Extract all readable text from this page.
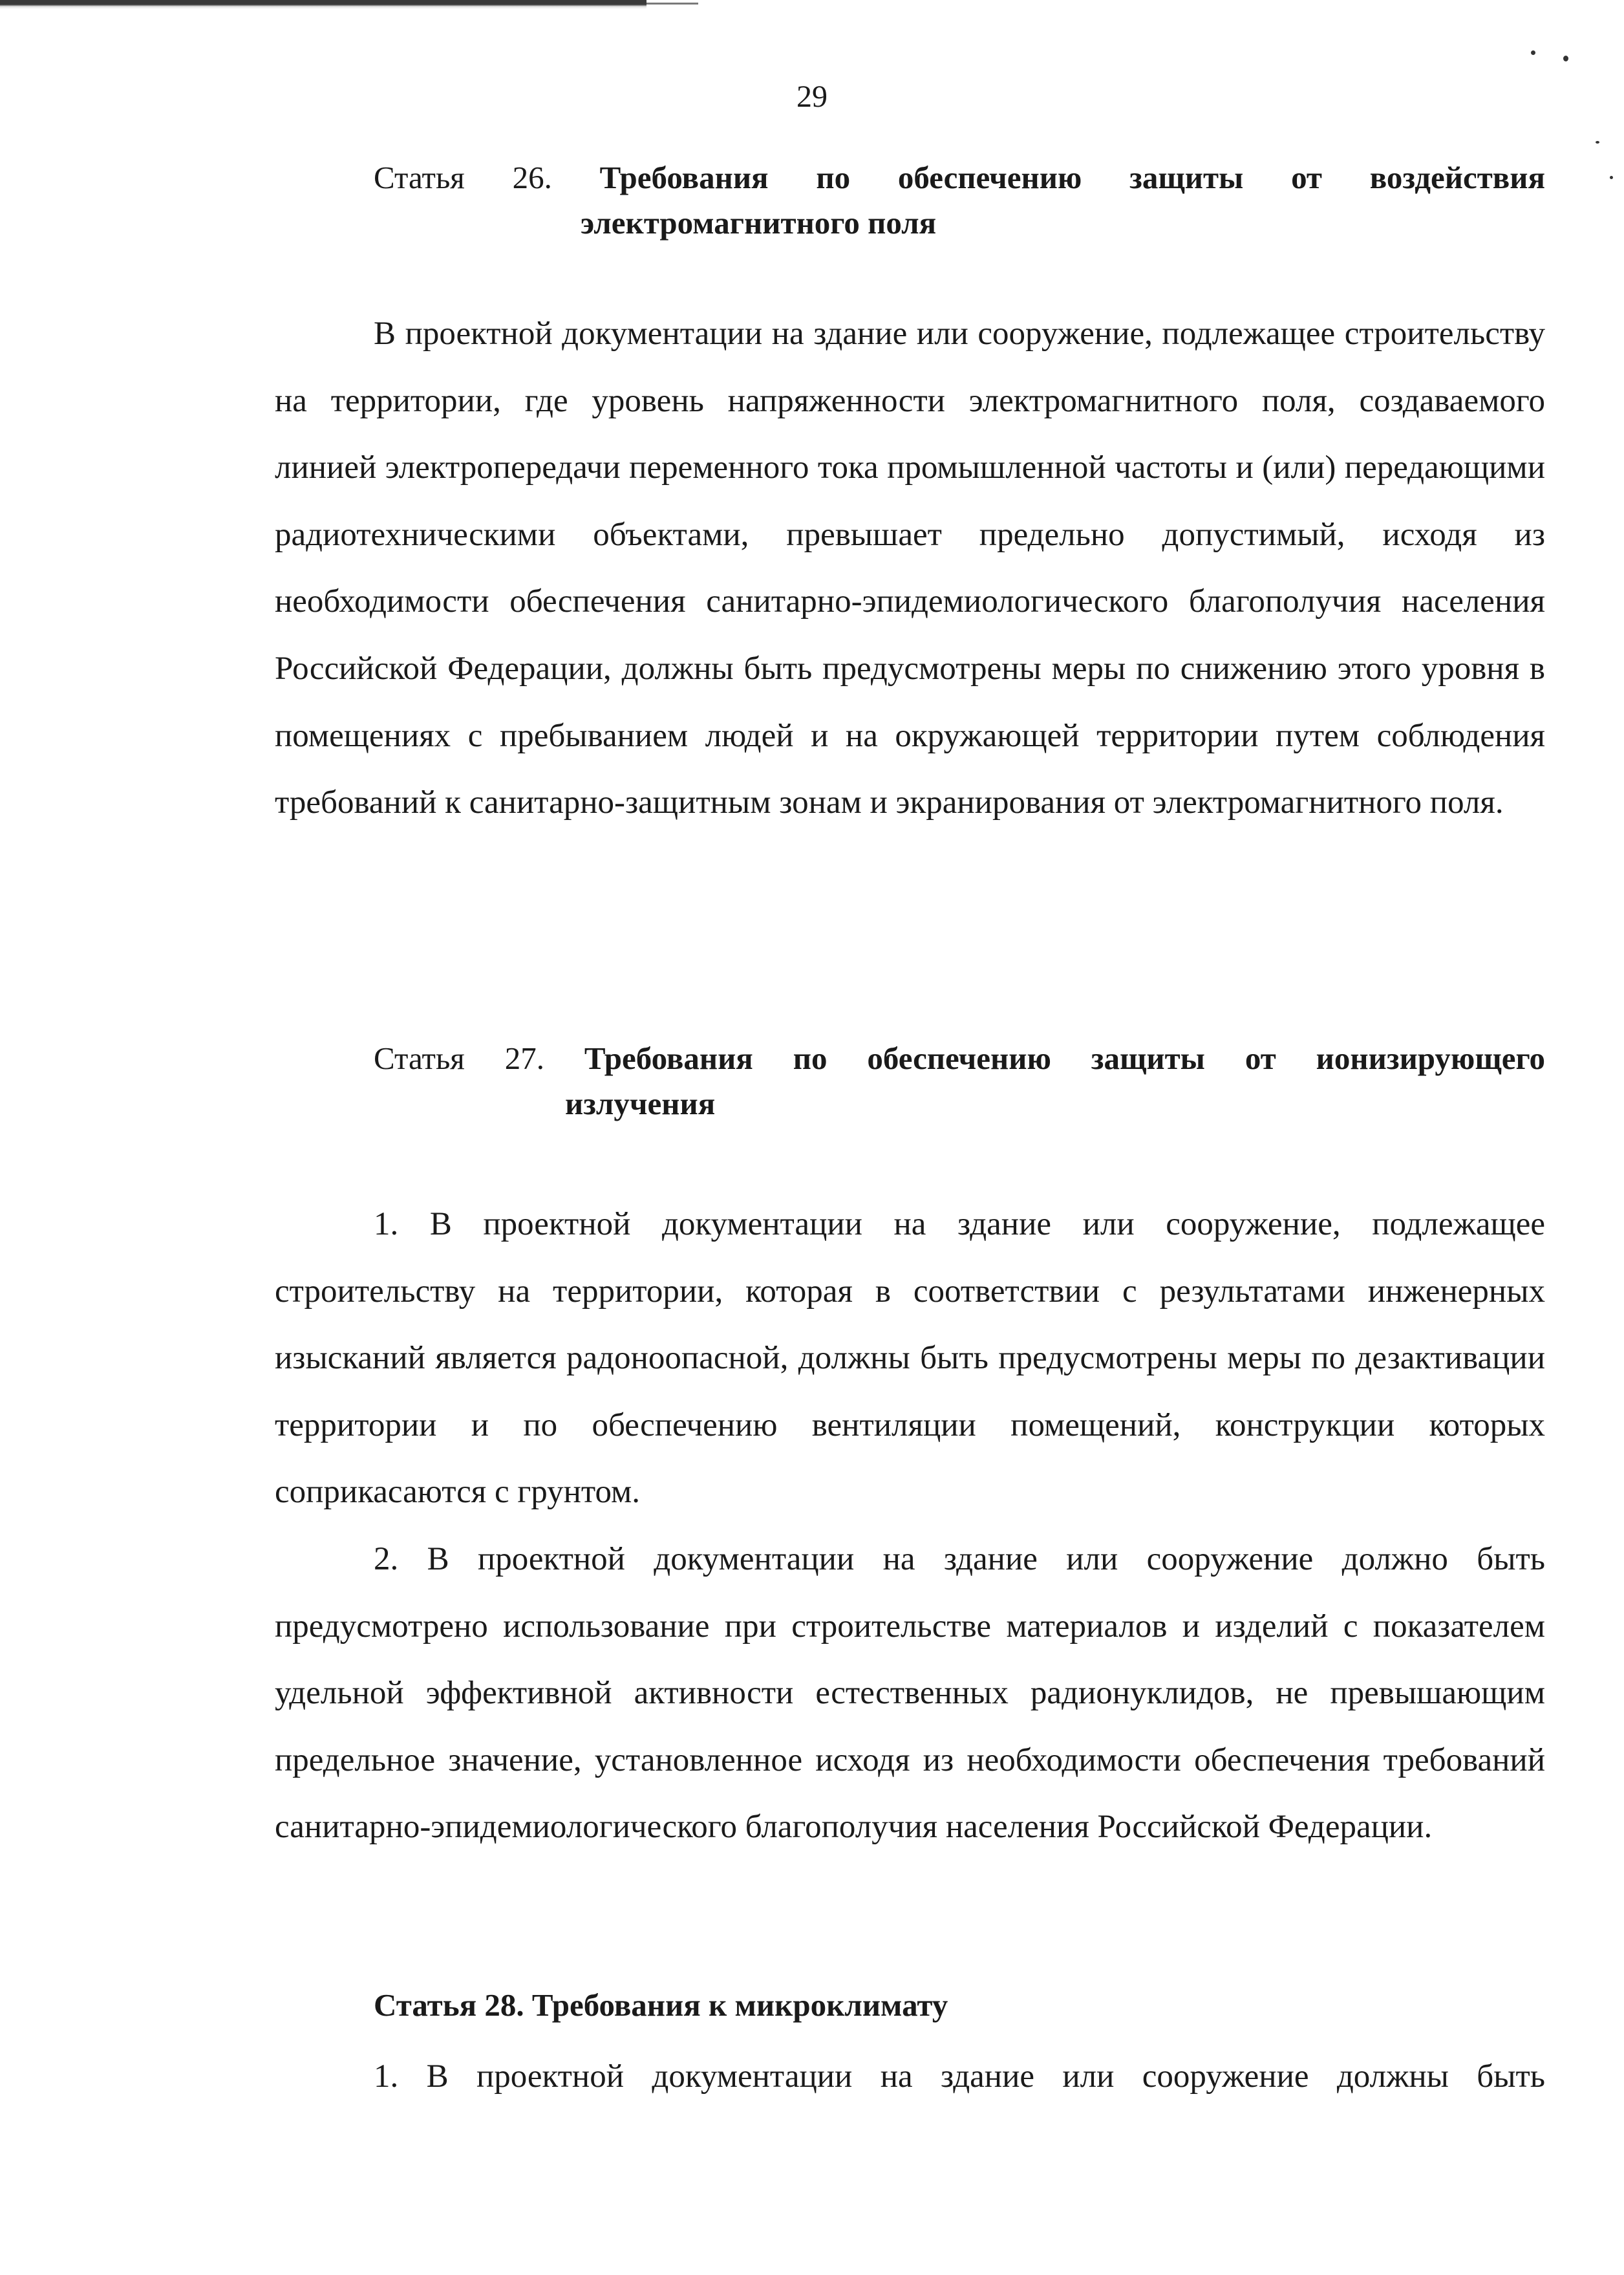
29
Статья 26. Требования по обеспечению защиты от воздействия
электромагнитного поля

В проектной документации на здание или сооружение, подлежащее строительству на территории, где уровень напряженности электромагнитного поля, создаваемого линией электропередачи переменного тока промышленной частоты и (или) передающими радиотехническими объектами, превышает предельно допустимый, исходя из необходимости обеспечения санитарно-эпидемиологического благополучия населения Российской Федерации, должны быть предусмотрены меры по снижению этого уровня в помещениях с пребыванием людей и на окружающей территории путем соблюдения требований к санитарно-защитным зонам и экранирования от электромагнитного поля.

Статья 27. Требования по обеспечению защиты от ионизирующего
излучения

1. В проектной документации на здание или сооружение, подлежащее строительству на территории, которая в соответствии с результатами инженерных изысканий является радоноопасной, должны быть предусмотрены меры по дезактивации территории и по обеспечению вентиляции помещений, конструкции которых соприкасаются с грунтом.

2. В проектной документации на здание или сооружение должно быть предусмотрено использование при строительстве материалов и изделий с показателем удельной эффективной активности естественных радионуклидов, не превышающим предельное значение, установленное исходя из необходимости обеспечения требований санитарно-эпидемиологического благополучия населения Российской Федерации.

Статья 28. Требования к микроклимату

1. В проектной документации на здание или сооружение должны быть
